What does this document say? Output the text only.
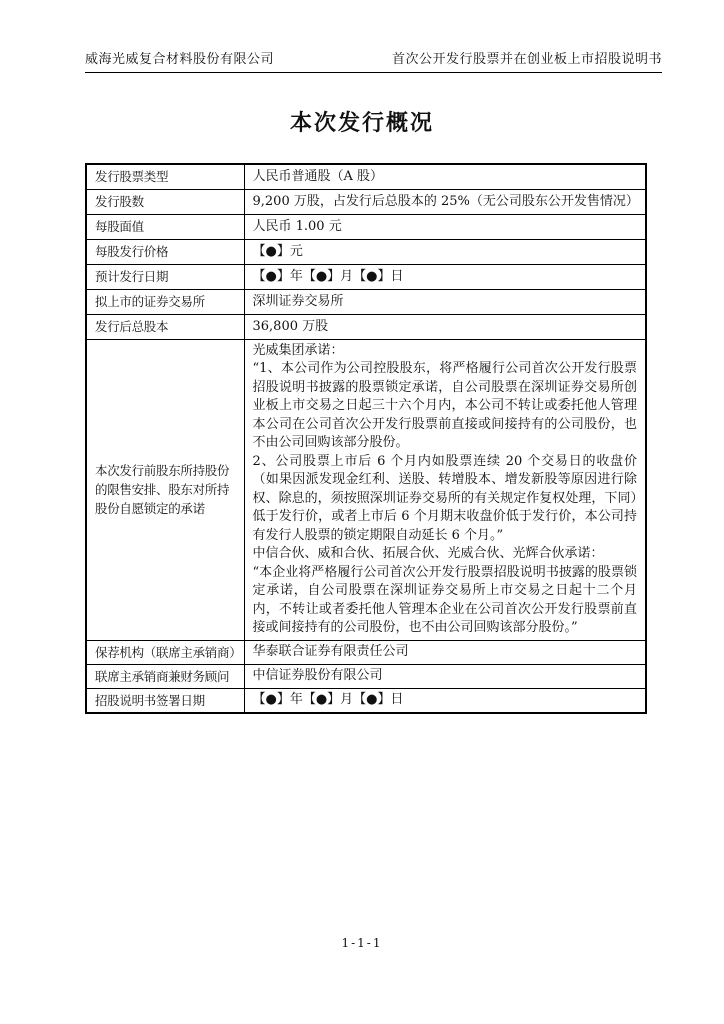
威海光威复合材料股份有限公司	首次公开发行股票并在创业板上市招股说明书
本次发行概况
发行股票类型	人民币普通股（A 股）
发行股数	9,200 万股，占发行后总股本的 25%（无公司股东公开发售情况）
每股面值	人民币 1.00 元
每股发行价格	【●】元
预计发行日期	【●】年【●】月【●】日
拟上市的证券交易所	深圳证券交易所
发行后总股本	36,800 万股
本次发行前股东所持股份的限售安排、股东对所持股份自愿锁定的承诺	光威集团承诺：

“1、本公司作为公司控股股东，将严格履行公司首次公开发行股票招股说明书披露的股票锁定承诺，自公司股票在深圳证券交易所创业板上市交易之日起三十六个月内，本公司不转让或委托他人管理本公司在公司首次公开发行股票前直接或间接持有的公司股份，也不由公司回购该部分股份。

2、公司股票上市后 6 个月内如股票连续 20 个交易日的收盘价（如果因派发现金红利、送股、转增股本、增发新股等原因进行除权、除息的，须按照深圳证券交易所的有关规定作复权处理，下同）低于发行价，或者上市后 6 个月期末收盘价低于发行价，本公司持有发行人股票的锁定期限自动延长 6 个月。”

中信合伙、威和合伙、拓展合伙、光威合伙、光辉合伙承诺：

“本企业将严格履行公司首次公开发行股票招股说明书披露的股票锁定承诺，自公司股票在深圳证券交易所上市交易之日起十二个月内，不转让或者委托他人管理本企业在公司首次公开发行股票前直接或间接持有的公司股份，也不由公司回购该部分股份。”

保荐机构（联席主承销商）	华泰联合证券有限责任公司
联席主承销商兼财务顾问	中信证券股份有限公司
招股说明书签署日期	【●】年【●】月【●】日
1-1-1
